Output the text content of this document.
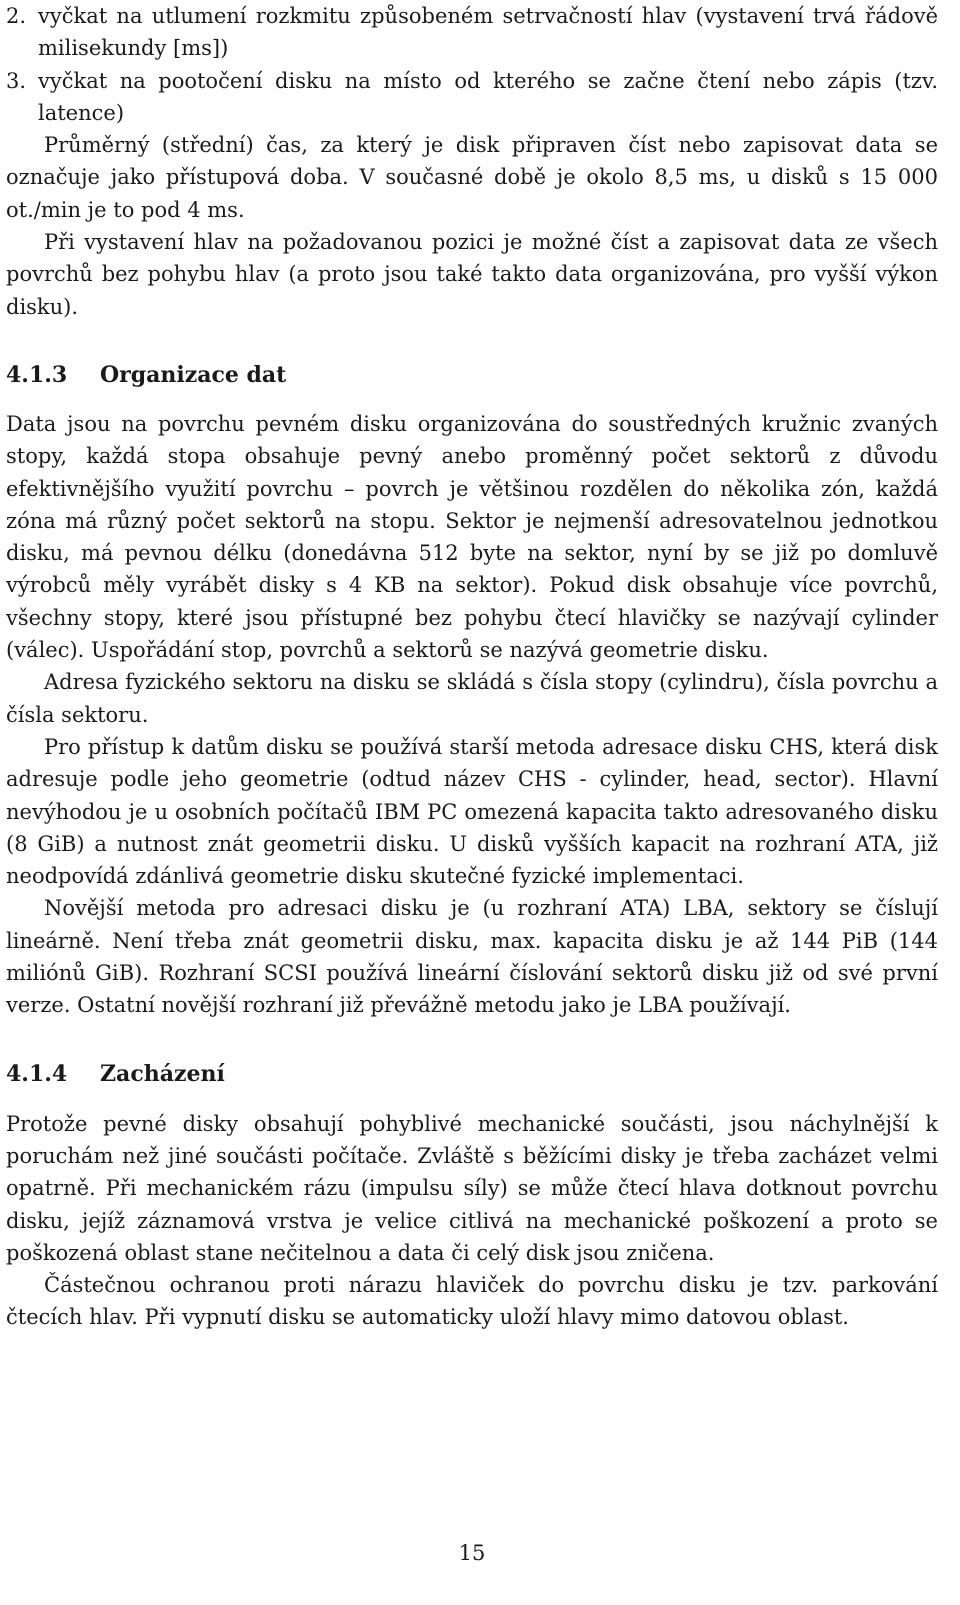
2. vyčkat na utlumení rozkmitu způsobeném setrvačností hlav (vystavení trvá řádově milisekundy [ms])
3. vyčkat na pootočení disku na místo od kterého se začne čtení nebo zápis (tzv. latence)

Průměrný (střední) čas, za který je disk připraven číst nebo zapisovat data se označuje jako přístupová doba. V současné době je okolo 8,5 ms, u disků s 15 000 ot./min je to pod 4 ms.

Při vystavení hlav na požadovanou pozici je možné číst a zapisovat data ze všech povrchů bez pohybu hlav (a proto jsou také takto data organizována, pro vyšší výkon disku).

4.1.3	Organizace dat

Data jsou na povrchu pevném disku organizována do soustředných kružnic zvaných stopy, každá stopa obsahuje pevný anebo proměnný počet sektorů z důvodu efektivnějšího využití povrchu – povrch je většinou rozdělen do několika zón, každá zóna má různý počet sektorů na stopu. Sektor je nejmenší adresovatelnou jednotkou disku, má pevnou délku (donedávna 512 byte na sektor, nyní by se již po domluvě výrobců měly vyrábět disky s 4 KB na sektor). Pokud disk obsahuje více povrchů, všechny stopy, které jsou přístupné bez pohybu čtecí hlavičky se nazývají cylinder (válec). Uspořádání stop, povrchů a sektorů se nazývá geometrie disku.

Adresa fyzického sektoru na disku se skládá s čísla stopy (cylindru), čísla povrchu a čísla sektoru.

Pro přístup k datům disku se používá starší metoda adresace disku CHS, která disk adresuje podle jeho geometrie (odtud název CHS - cylinder, head, sector). Hlavní nevýhodou je u osobních počítačů IBM PC omezená kapacita takto adresovaného disku (8 GiB) a nutnost znát geometrii disku. U disků vyšších kapacit na rozhraní ATA, již neodpovídá zdánlivá geometrie disku skutečné fyzické implementaci.

Novější metoda pro adresaci disku je (u rozhraní ATA) LBA, sektory se číslují lineárně. Není třeba znát geometrii disku, max. kapacita disku je až 144 PiB (144 miliónů GiB). Rozhraní SCSI používá lineární číslování sektorů disku již od své první verze. Ostatní novější rozhraní již převážně metodu jako je LBA používají.

4.1.4	Zacházení

Protože pevné disky obsahují pohyblivé mechanické součásti, jsou náchylnější k poruchám než jiné součásti počítače. Zvláště s běžícími disky je třeba zacházet velmi opatrně. Při mechanickém rázu (impulsu síly) se může čtecí hlava dotknout povrchu disku, jejíž záznamová vrstva je velice citlivá na mechanické poškození a proto se poškozená oblast stane nečitelnou a data či celý disk jsou zničena.

Částečnou ochranou proti nárazu hlaviček do povrchu disku je tzv. parkování čtecích hlav. Při vypnutí disku se automaticky uloží hlavy mimo datovou oblast.

15
